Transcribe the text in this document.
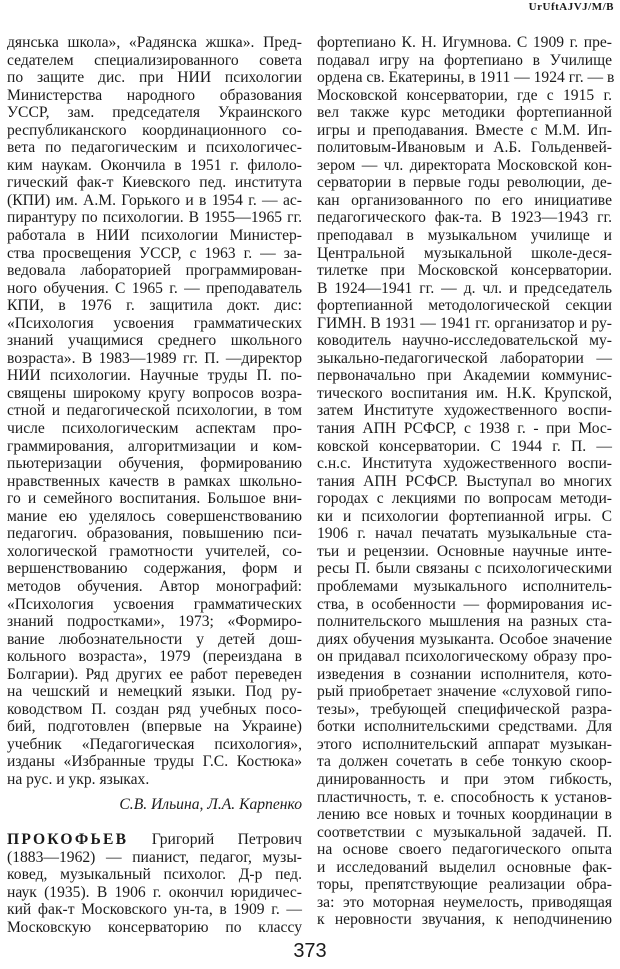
UrUftAJVJ/M/B
дянська школа», «Радянска жшка». Пред-
седателем специализированного совета
по защите дис. при НИИ психологии
Министерства народного образования
УССР, зам. председателя Украинского
республиканского координационного со-
вета по педагогическим и психологичес-
ким наукам. Окончила в 1951 г. филоло-
гический фак-т Киевского пед. института
(КПИ) им. А.М. Горького и в 1954 г. — ас-
пирантуру по психологии. В 1955—1965 гг.
работала в НИИ психологии Министер-
ства просвещения УССР, с 1963 г. — за-
ведовала лабораторией программирован-
ного обучения. С 1965 г. — преподаватель
КПИ, в 1976 г. защитила докт. дис:
«Психология усвоения грамматических
знаний учащимися среднего школьного
возраста». В 1983—1989 гг. П. —директор
НИИ психологии. Научные труды П. по-
священы широкому кругу вопросов возра-
стной и педагогической психологии, в том
числе психологическим аспектам про-
граммирования, алгоритмизации и ком-
пьютеризации обучения, формированию
нравственных качеств в рамках школьно-
го и семейного воспитания. Большое вни-
мание ею уделялось совершенствованию
педагогич. образования, повышению пси-
хологической грамотности учителей, со-
вершенствованию содержания, форм и
методов обучения. Автор монографий:
«Психология усвоения грамматических
знаний подростками», 1973; «Формиро-
вание любознательности у детей дош-
кольного возраста», 1979 (переиздана в
Болгарии). Ряд других ее работ переведен
на чешский и немецкий языки. Под ру-
ководством П. создан ряд учебных посо-
бий, подготовлен (впервые на Украине)
учебник «Педагогическая психология»,
изданы «Избранные труды Г.С. Костюка»
на рус. и укр. языках.
С.В. Ильина, Л.А. Карпенко
ПРОКОФЬЕВ Григорий Петрович
(1883—1962) — пианист, педагог, музы-
ковед, музыкальный психолог. Д-р пед.
наук (1935). В 1906 г. окончил юридичес-
кий фак-т Московского ун-та, в 1909 г. —
Московскую консерваторию по классу
фортепиано К. Н. Игумнова. С 1909 г. пре-
подавал игру на фортепиано в Училище
ордена св. Екатерины, в 1911 — 1924 гг. — в
Московской консерватории, где с 1915 г.
вел также курс методики фортепианной
игры и преподавания. Вместе с М.М. Ип-
политовым-Ивановым и А.Б. Гольденвей-
зером — чл. директората Московской кон-
серватории в первые годы революции, де-
кан организованного по его инициативе
педагогического фак-та. В 1923—1943 гг.
преподавал в музыкальном училище и
Центральной музыкальной школе-деся-
тилетке при Московской консерватории.
В 1924—1941 гг. — д. чл. и председатель
фортепианной методологической секции
ГИМН. В 1931 — 1941 гг. организатор и ру-
ководитель научно-исследовательской му-
зыкально-педагогической лаборатории —
первоначально при Академии коммунис-
тического воспитания им. Н.К. Крупской,
затем Институте художественного воспи-
тания АПН РСФСР, с 1938 г. - при Мос-
ковской консерватории. С 1944 г. П. —
с.н.с. Института художественного воспи-
тания АПН РСФСР. Выступал во многих
городах с лекциями по вопросам методи-
ки и психологии фортепианной игры. С
1906 г. начал печатать музыкальные ста-
тьи и рецензии. Основные научные инте-
ресы П. были связаны с психологическими
проблемами музыкального исполнитель-
ства, в особенности — формирования ис-
полнительского мышления на разных ста-
диях обучения музыканта. Особое значение
он придавал психологическому образу про-
изведения в сознании исполнителя, кото-
рый приобретает значение «слуховой гипо-
тезы», требующей специфической разра-
ботки исполнительскими средствами. Для
этого исполнительский аппарат музыкан-
та должен сочетать в себе тонкую скоор-
динированность и при этом гибкость,
пластичность, т. е. способность к установ-
лению все новых и точных координации в
соответствии с музыкальной задачей. П.
на основе своего педагогического опыта
и исследований выделил основные фак-
торы, препятствующие реализации обра-
за: это моторная неумелость, приводящая
к неровности звучания, к неподчинению
373
